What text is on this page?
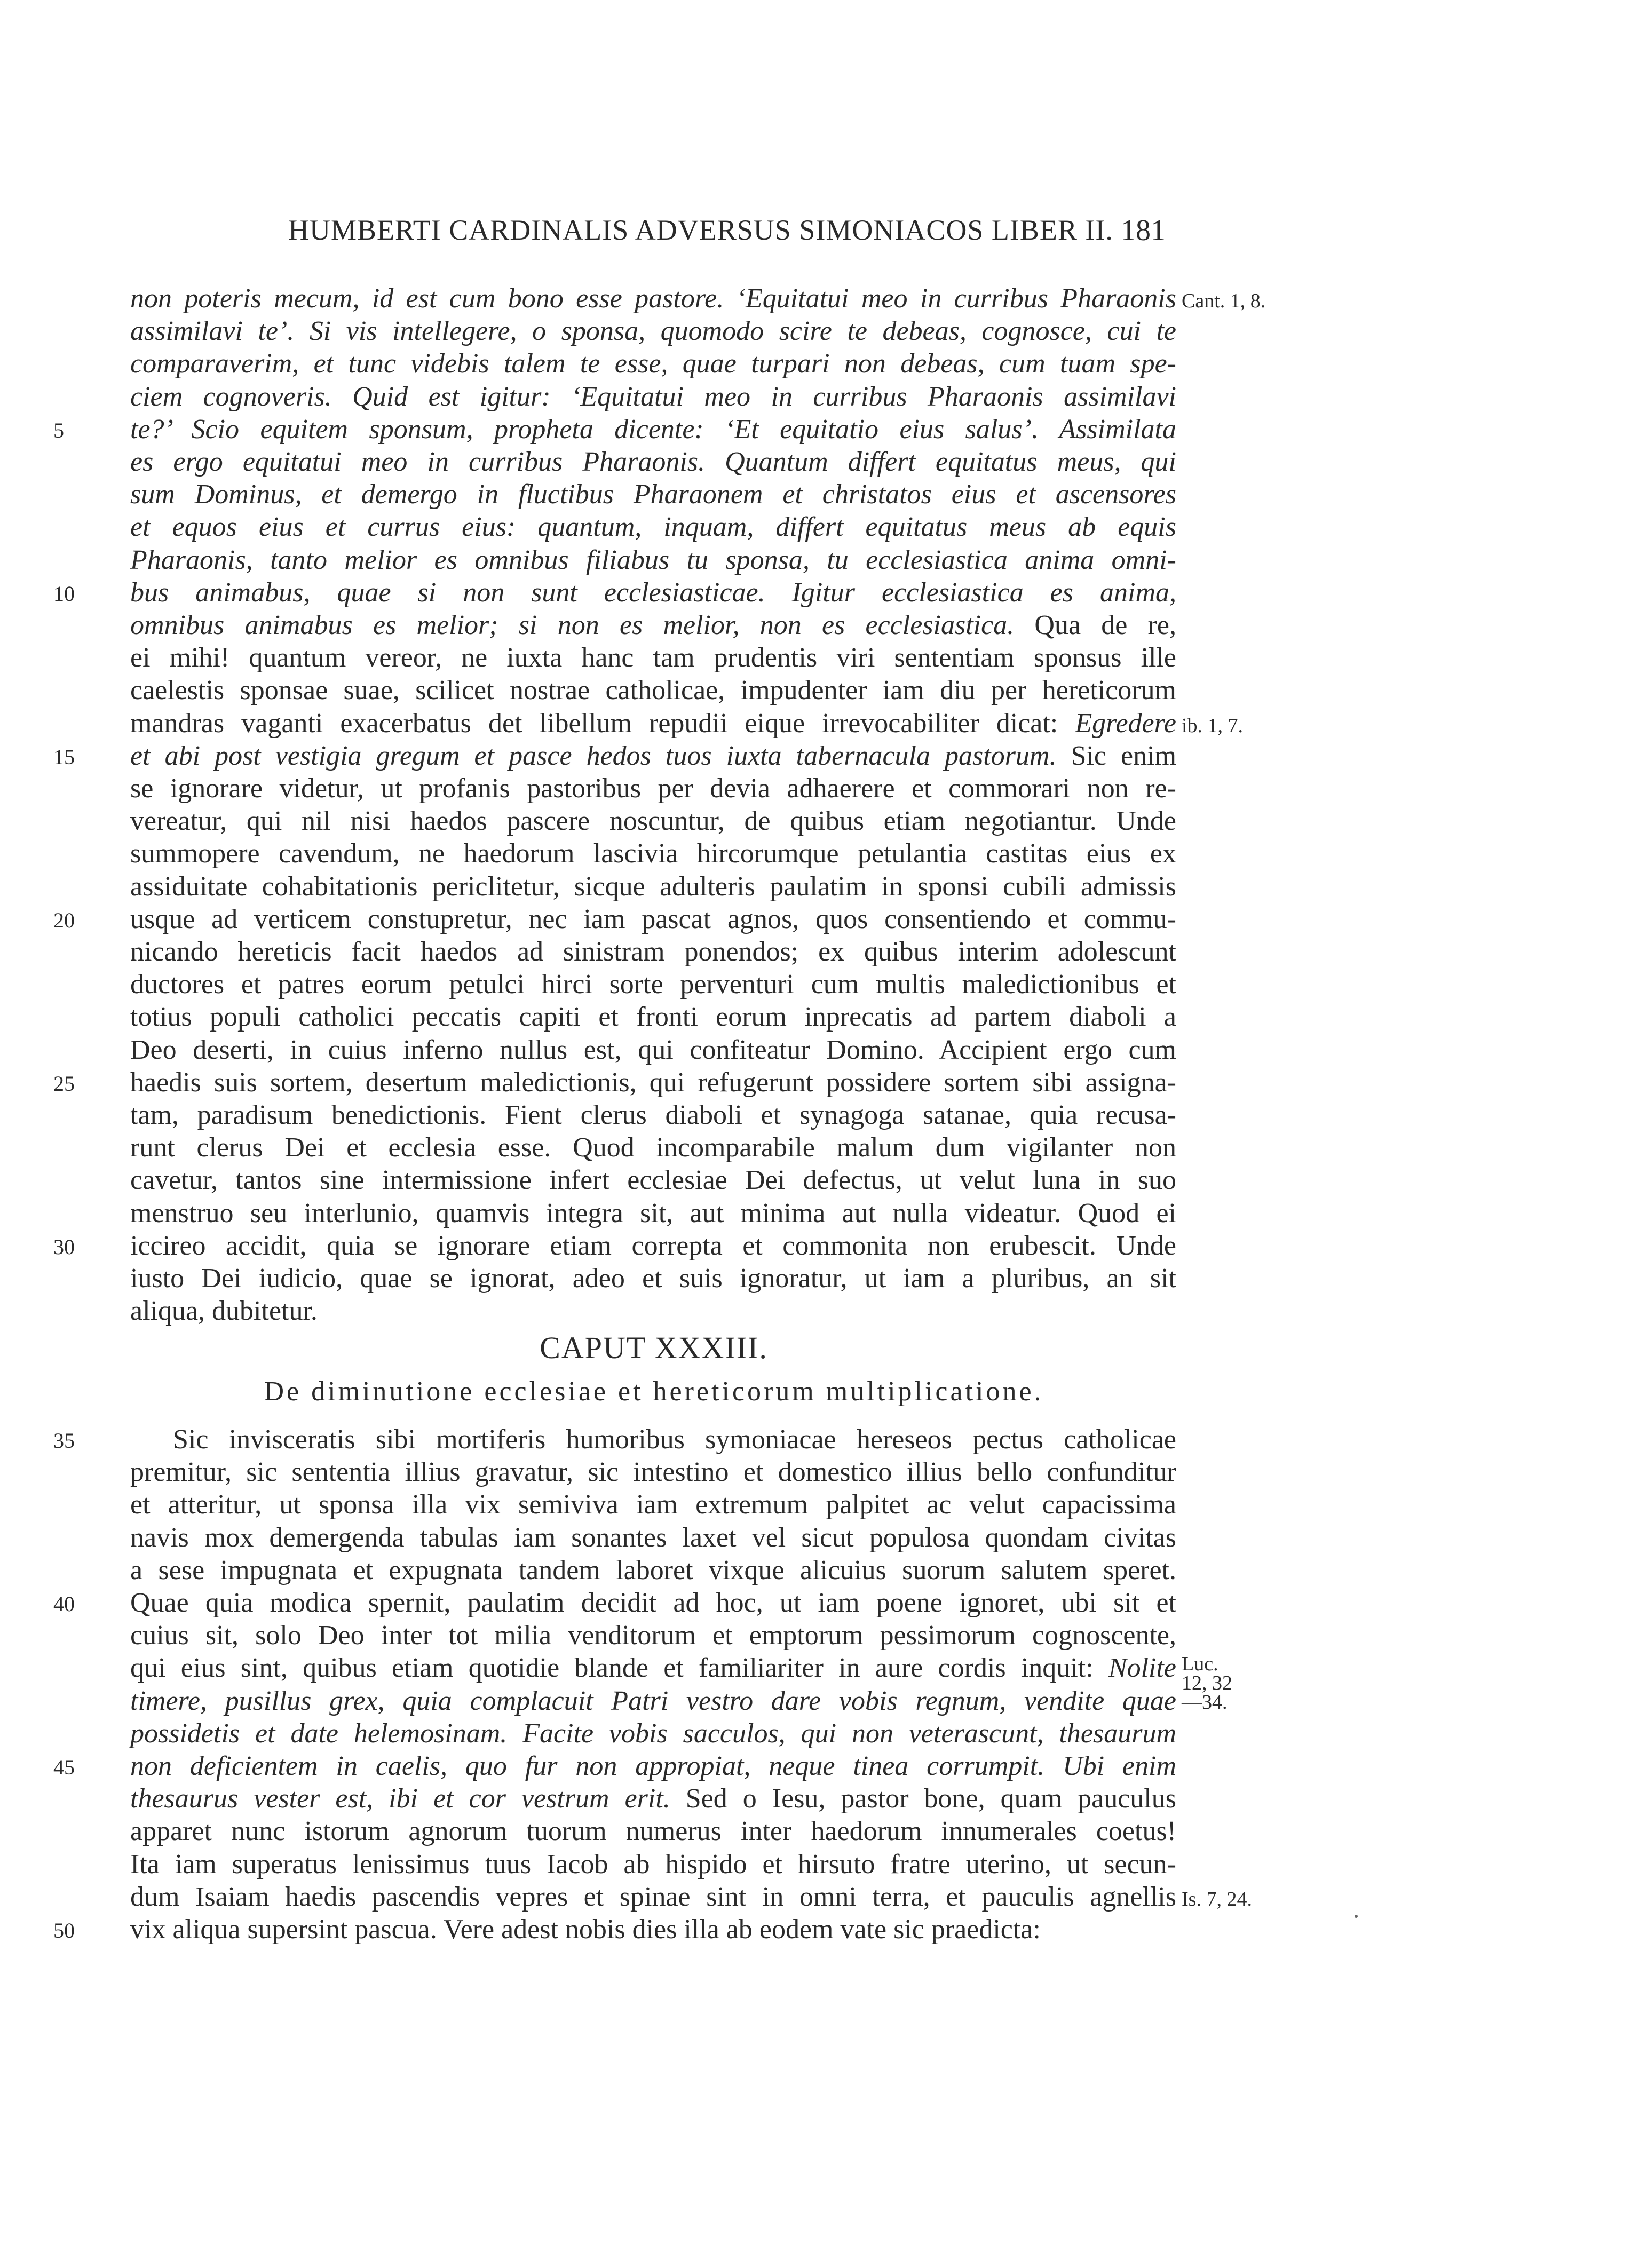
HUMBERTI CARDINALIS ADVERSUS SIMONIACOS LIBER II. 181
non poteris mecum, id est cum bono esse pastore. ‘Equitatui meo in curribus Pharaonis
assimilavi te’. Si vis intellegere, o sponsa, quomodo scire te debeas, cognosce, cui te
comparaverim, et tunc videbis talem te esse, quae turpari non debeas, cum tuam spe-
ciem cognoveris. Quid est igitur: ‘Equitatui meo in curribus Pharaonis assimilavi
te?’ Scio equitem sponsum, propheta dicente: ‘Et equitatio eius salus’. Assimilata
es ergo equitatui meo in curribus Pharaonis. Quantum differt equitatus meus, qui
sum Dominus, et demergo in fluctibus Pharaonem et christatos eius et ascensores
et equos eius et currus eius: quantum, inquam, differt equitatus meus ab equis
Pharaonis, tanto melior es omnibus filiabus tu sponsa, tu ecclesiastica anima omni-
bus animabus, quae si non sunt ecclesiasticae. Igitur ecclesiastica es anima,
omnibus animabus es melior; si non es melior, non es ecclesiastica. Qua de re,
ei mihi! quantum vereor, ne iuxta hanc tam prudentis viri sententiam sponsus ille
caelestis sponsae suae, scilicet nostrae catholicae, impudenter iam diu per hereticorum
mandras vaganti exacerbatus det libellum repudii eique irrevocabiliter dicat: Egredere
et abi post vestigia gregum et pasce hedos tuos iuxta tabernacula pastorum. Sic enim
se ignorare videtur, ut profanis pastoribus per devia adhaerere et commorari non re-
vereatur, qui nil nisi haedos pascere noscuntur, de quibus etiam negotiantur. Unde
summopere cavendum, ne haedorum lascivia hircorumque petulantia castitas eius ex
assiduitate cohabitationis periclitetur, sicque adulteris paulatim in sponsi cubili admissis
usque ad verticem constupretur, nec iam pascat agnos, quos consentiendo et commu-
nicando hereticis facit haedos ad sinistram ponendos; ex quibus interim adolescunt
ductores et patres eorum petulci hirci sorte perventuri cum multis maledictionibus et
totius populi catholici peccatis capiti et fronti eorum inprecatis ad partem diaboli a
Deo deserti, in cuius inferno nullus est, qui confiteatur Domino. Accipient ergo cum
haedis suis sortem, desertum maledictionis, qui refugerunt possidere sortem sibi assigna-
tam, paradisum benedictionis. Fient clerus diaboli et synagoga satanae, quia recusa-
runt clerus Dei et ecclesia esse. Quod incomparabile malum dum vigilanter non
cavetur, tantos sine intermissione infert ecclesiae Dei defectus, ut velut luna in suo
menstruo seu interlunio, quamvis integra sit, aut minima aut nulla videatur. Quod ei
iccireo accidit, quia se ignorare etiam correpta et commonita non erubescit. Unde
iusto Dei iudicio, quae se ignorat, adeo et suis ignoratur, ut iam a pluribus, an sit
aliqua, dubitetur.
Sic invisceratis sibi mortiferis humoribus symoniacae hereseos pectus catholicae
premitur, sic sententia illius gravatur, sic intestino et domestico illius bello confunditur
et atteritur, ut sponsa illa vix semiviva iam extremum palpitet ac velut capacissima
navis mox demergenda tabulas iam sonantes laxet vel sicut populosa quondam civitas
a sese impugnata et expugnata tandem laboret vixque alicuius suorum salutem speret.
Quae quia modica spernit, paulatim decidit ad hoc, ut iam poene ignoret, ubi sit et
cuius sit, solo Deo inter tot milia venditorum et emptorum pessimorum cognoscente,
qui eius sint, quibus etiam quotidie blande et familiariter in aure cordis inquit: Nolite
timere, pusillus grex, quia complacuit Patri vestro dare vobis regnum, vendite quae
possidetis et date helemosinam. Facite vobis sacculos, qui non veterascunt, thesaurum
non deficientem in caelis, quo fur non appropiat, neque tinea corrumpit. Ubi enim
thesaurus vester est, ibi et cor vestrum erit. Sed o Iesu, pastor bone, quam pauculus
apparet nunc istorum agnorum tuorum numerus inter haedorum innumerales coetus!
Ita iam superatus lenissimus tuus Iacob ab hispido et hirsuto fratre uterino, ut secun-
dum Isaiam haedis pascendis vepres et spinae sint in omni terra, et pauculis agnellis
vix aliqua supersint pascua. Vere adest nobis dies illa ab eodem vate sic praedicta:
5
10
15
20
25
30
35
40
45
50
Cant. 1, 8.
ib. 1, 7.
Luc. 12, 32 —34.
Is. 7, 24.
CAPUT XXXIII.
De diminutione ecclesiae et hereticorum multiplicatione.
